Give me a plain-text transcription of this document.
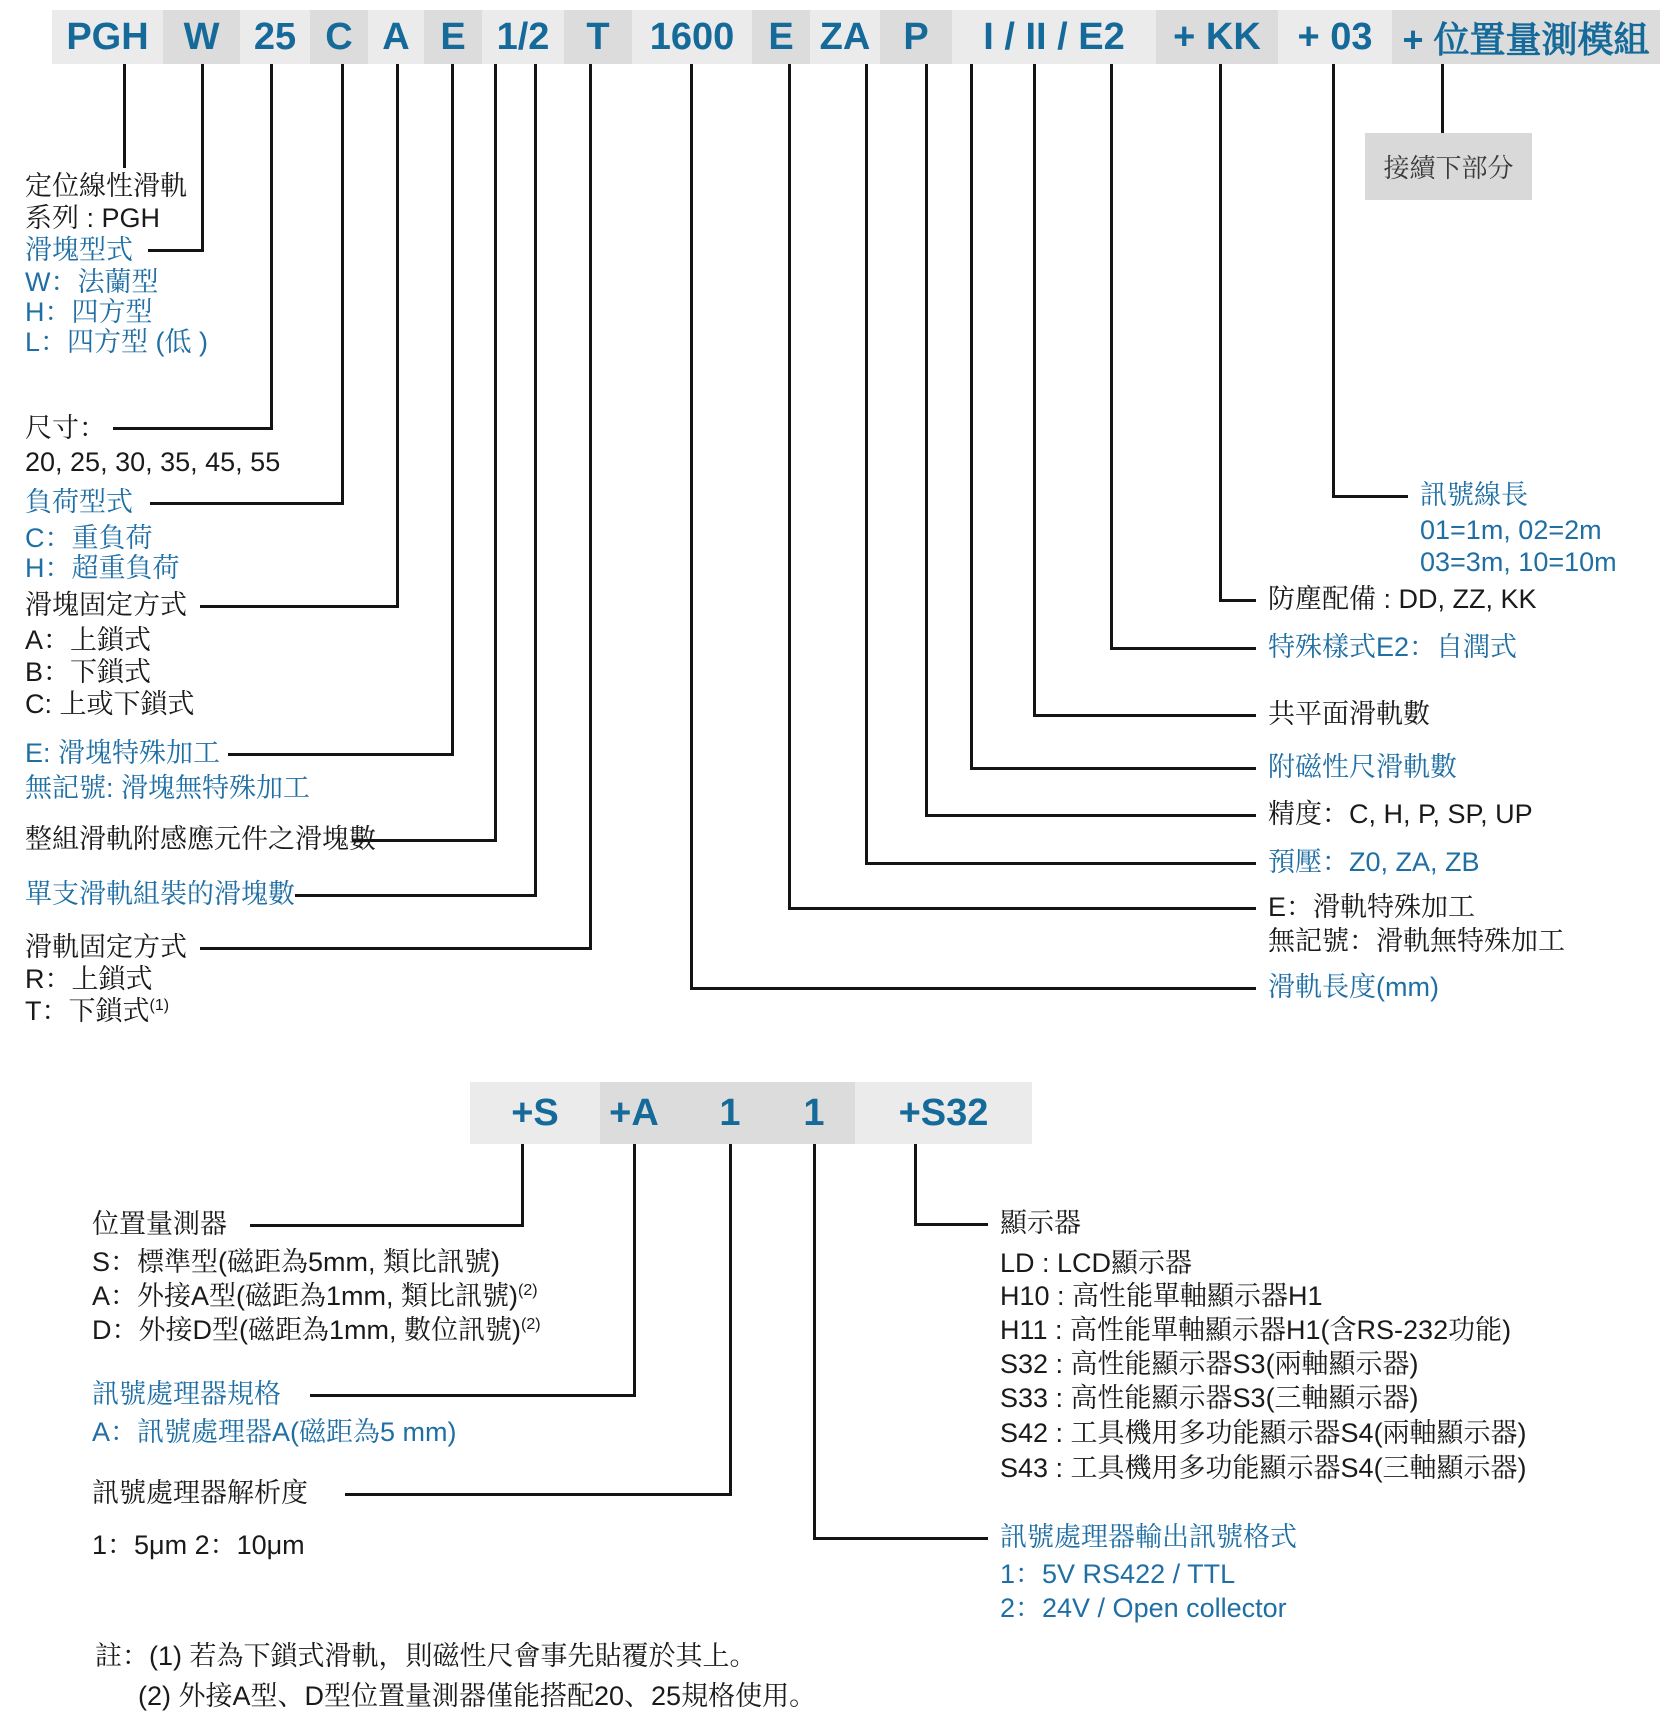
PGH W 25 C A E 1/2 T	1600 E ZA P	I / II / E2	+ KK + 03 + 位置量測模組
接續下部分
定位線性滑軌
系列 : PGH
滑塊型式
W：法蘭型
H：四方型
L：四方型 (低 )
尺寸：
20, 25, 30, 35, 45, 55
負荷型式
C：重負荷
H：超重負荷
滑塊固定方式
A：上鎖式
B：下鎖式
C: 上或下鎖式
E: 滑塊特殊加工
無記號: 滑塊無特殊加工
整組滑軌附感應元件之滑塊數
單支滑軌組裝的滑塊數
滑軌固定方式
R：上鎖式
T：下鎖式$^{(1)}$
訊號線長
01=1m, 02=2m
03=3m, 10=10m
防塵配備 : DD, ZZ, KK
特殊樣式E2：自潤式
共平面滑軌數
附磁性尺滑軌數
精度：C, H, P, SP, UP
預壓：Z0, ZA, ZB
E：滑軌特殊加工
無記號：滑軌無特殊加工
滑軌長度(mm)
+S	+A	1	1	+S32
位置量測器
S：標準型(磁距為5mm, 類比訊號)
A：外接A型(磁距為1mm, 類比訊號)$^{(2)}$
D：外接D型(磁距為1mm, 數位訊號)$^{(2)}$
訊號處理器規格
A：訊號處理器A(磁距為5 mm)
訊號處理器解析度
1：5μm 2：10μm
註：(1) 若為下鎖式滑軌，則磁性尺會事先貼覆於其上。
(2) 外接A型、D型位置量測器僅能搭配20、25規格使用。
顯示器
LD : LCD顯示器
H10 : 高性能單軸顯示器H1
H11 : 高性能單軸顯示器H1(含RS-232功能)
S32 : 高性能顯示器S3(兩軸顯示器)
S33 : 高性能顯示器S3(三軸顯示器)
S42 : 工具機用多功能顯示器S4(兩軸顯示器)
S43 : 工具機用多功能顯示器S4(三軸顯示器)
訊號處理器輸出訊號格式
1：5V RS422 / TTL
2：24V / Open collector
